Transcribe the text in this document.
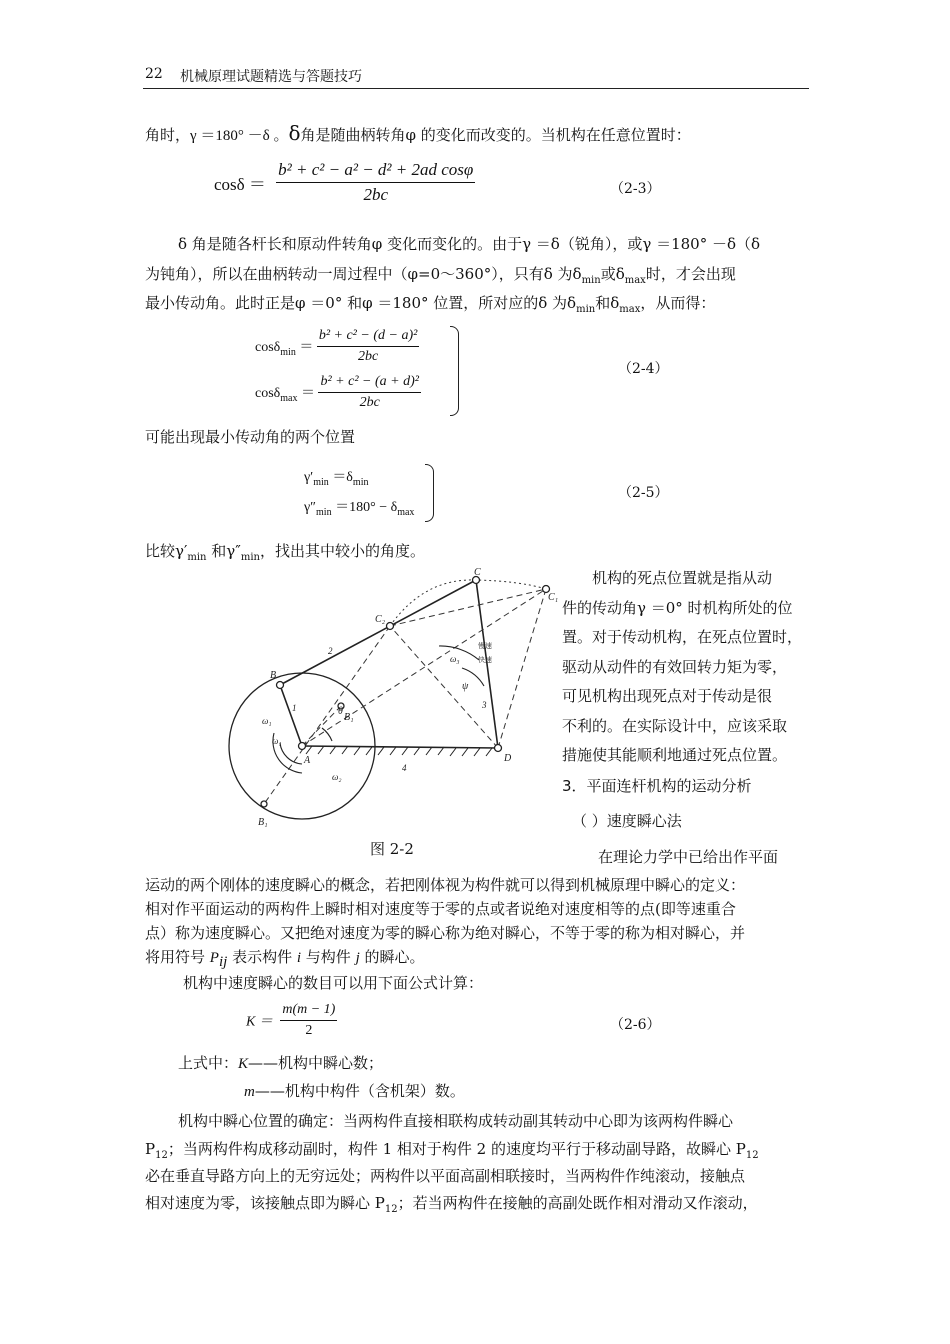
22 机械原理试题精选与答题技巧
角时，γ ＝180° －δ 。δ角是随曲柄转角φ 的变化而改变的。当机构在任意位置时：
$\cos\delta = \frac{\text{b² + c² − a² − d² + 2ad cosφ}}{2bc}$	（2-3）
δ 角是随各杆长和原动件转角φ 变化而变化的。由于γ ＝δ（锐角），或γ ＝180° －δ（δ
为钝角），所以在曲柄转动一周过程中（φ=0～360°），只有δ 为$\delta_{min}$或$\delta_{max}$时，才会出现
最小传动角。此时正是φ ＝0° 和φ ＝180° 位置，所对应的δ 为$\delta_{min}$和$\delta_{max}$，从而得：
$\cos\delta_{min} = \frac{\text{b² + c² − (d − a)²}}{2bc}$
$\cos\delta_{max} = \frac{\text{b² + c² − (a + d)²}}{2bc}$
（2-4）
可能出现最小传动角的两个位置
$\gamma'_{min} =\delta_{min}$
$\gamma''_{min} =180^\circ - \delta_{max}$
（2-5）
比较$\gamma'_{min}$ 和$\gamma''_{min}$，找出其中较小的角度。
A
B
B₁
B₁
C
C₁
C₂
D
1
2
3
4
θ
ψ
ω₁
ω₁
ω₂
ω₃
慢速
快速
　　机构的死点位置就是指从动
件的传动角γ ＝0° 时机构所处的位
置。对于传动机构，在死点位置时，
驱动从动件的有效回转力矩为零，
可见机构出现死点对于传动是很
不利的。在实际设计中，应该采取
措施使其能顺利地通过死点位置。
3．平面连杆机构的运动分析
（ ）速度瞬心法
图 2-2	在理论力学中已给出作平面
运动的两个刚体的速度瞬心的概念，若把刚体视为构件就可以得到机械原理中瞬心的定义：
相对作平面运动的两构件上瞬时相对速度等于零的点或者说绝对速度相等的点(即等速重合
点）称为速度瞬心。又把绝对速度为零的瞬心称为绝对瞬心，不等于零的称为相对瞬心，并
将用符号 $P_{ij}$ 表示构件 i 与构件 j 的瞬心。
机构中速度瞬心的数目可以用下面公式计算：
$K = \frac{m(m - 1)}{2}$	（2-6）
上式中：K——机构中瞬心数；
m——机构中构件（含机架）数。
机构中瞬心位置的确定：当两构件直接相联构成转动副其转动中心即为该两构件瞬心
$P_{12}$；当两构件构成移动副时，构件 1 相对于构件 2 的速度均平行于移动副导路，故瞬心 $P_{12}$
必在垂直导路方向上的无穷远处；两构件以平面高副相联接时，当两构件作纯滚动，接触点
相对速度为零，该接触点即为瞬心 $P_{12}$；若当两构件在接触的高副处既作相对滑动又作滚动，
